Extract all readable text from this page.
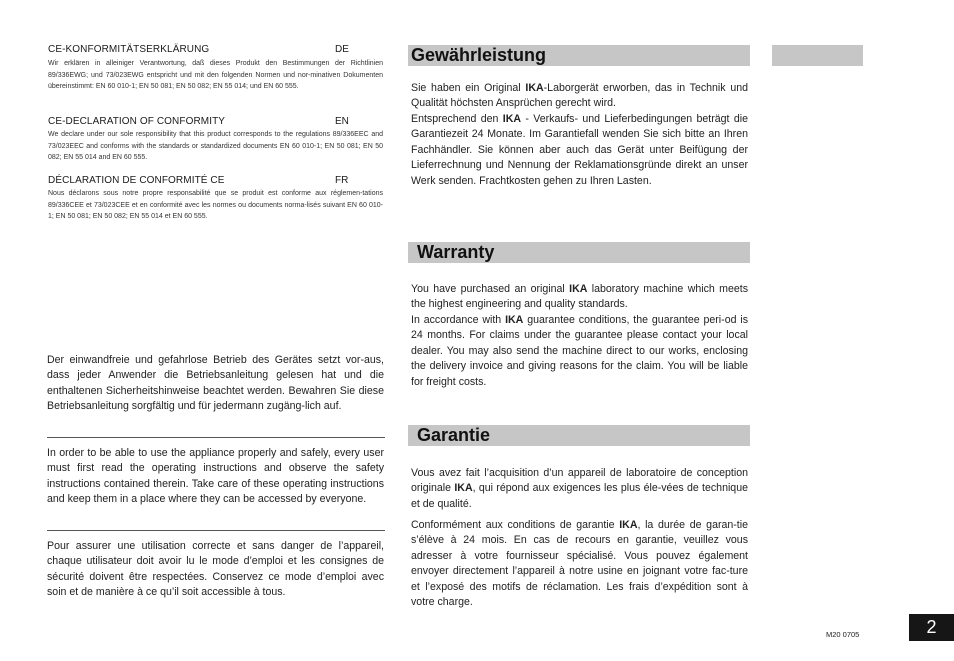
CE-KONFORMITÄTSERKLÄRUNG	DE
Wir erklären in alleiniger Verantwortung, daß dieses Produkt den Bestimmungen der Richtlinien 89/336EWG; und 73/023EWG entspricht und mit den folgenden Normen und nor-minativen Dokumenten übereinstimmt: EN 60 010-1; EN 50 081; EN 50 082; EN 55 014; und EN 60 555.
CE-DECLARATION OF CONFORMITY	EN
We declare under our sole responsibility that this product corresponds to the regulations 89/336EEC and 73/023EEC and conforms with the standards or standardized documents EN 60 010-1; EN 50 081; EN 50 082; EN 55 014 and EN 60 555.
DÉCLARATION DE CONFORMITÉ CE	FR
Nous déclarons sous notre propre responsabilité que se produit est conforme aux réglemen-tations 89/336CEE et 73/023CEE et en conformité avec les normes ou documents norma-lisés suivant EN 60 010-1; EN 50 081; EN 50 082; EN 55 014 et EN 60 555.
Der einwandfreie und gefahrlose Betrieb des Gerätes setzt vor-aus, dass jeder Anwender die Betriebsanleitung gelesen hat und die enthaltenen Sicherheitshinweise beachtet werden. Bewahren Sie diese Betriebsanleitung sorgfältig und für jedermann zugäng-lich auf.
In order to be able to use the appliance properly and safely, every user must first read the operating instructions and observe the safety instructions contained therein. Take care of these operating instructions and keep them in a place where they can be accessed by everyone.
Pour assurer une utilisation correcte et sans danger de l’appareil, chaque utilisateur doit avoir lu le mode d’emploi et les consignes de sécurité doivent être respectées. Conservez ce mode d’emploi avec soin et de manière à ce qu’il soit accessible à tous.
Gewährleistung
Sie haben ein Original IKA-Laborgerät erworben, das in Technik und Qualität höchsten Ansprüchen gerecht wird.
Entsprechend den IKA - Verkaufs- und Lieferbedingungen beträgt die Garantiezeit 24 Monate. Im Garantiefall wenden Sie sich bitte an Ihren Fachhändler. Sie können aber auch das Gerät unter Beifügung der Lieferrechnung und Nennung der Reklamationsgründe direkt an unser Werk senden. Frachtkosten gehen zu Ihren Lasten.
Warranty
You have purchased an original IKA laboratory machine which meets the highest engineering and quality standards.
In accordance with IKA guarantee conditions, the guarantee peri-od is 24 months. For claims under the guarantee please contact your local dealer. You may also send the machine direct to our works, enclosing the delivery invoice and giving reasons for the claim. You will be liable for freight costs.
Garantie
Vous avez fait l’acquisition d’un appareil de laboratoire de conception originale IKA, qui répond aux exigences les plus éle-vées de technique et de qualité.
Conformément aux conditions de garantie IKA, la durée de garan-tie s’élève à 24 mois. En cas de recours en garantie, veuillez vous adresser à votre fournisseur spécialisé. Vous pouvez également envoyer directement l’appareil à notre usine en joignant votre fac-ture et l’exposé des motifs de réclamation. Les frais d’expédition sont à votre charge.
M20 0705	2
